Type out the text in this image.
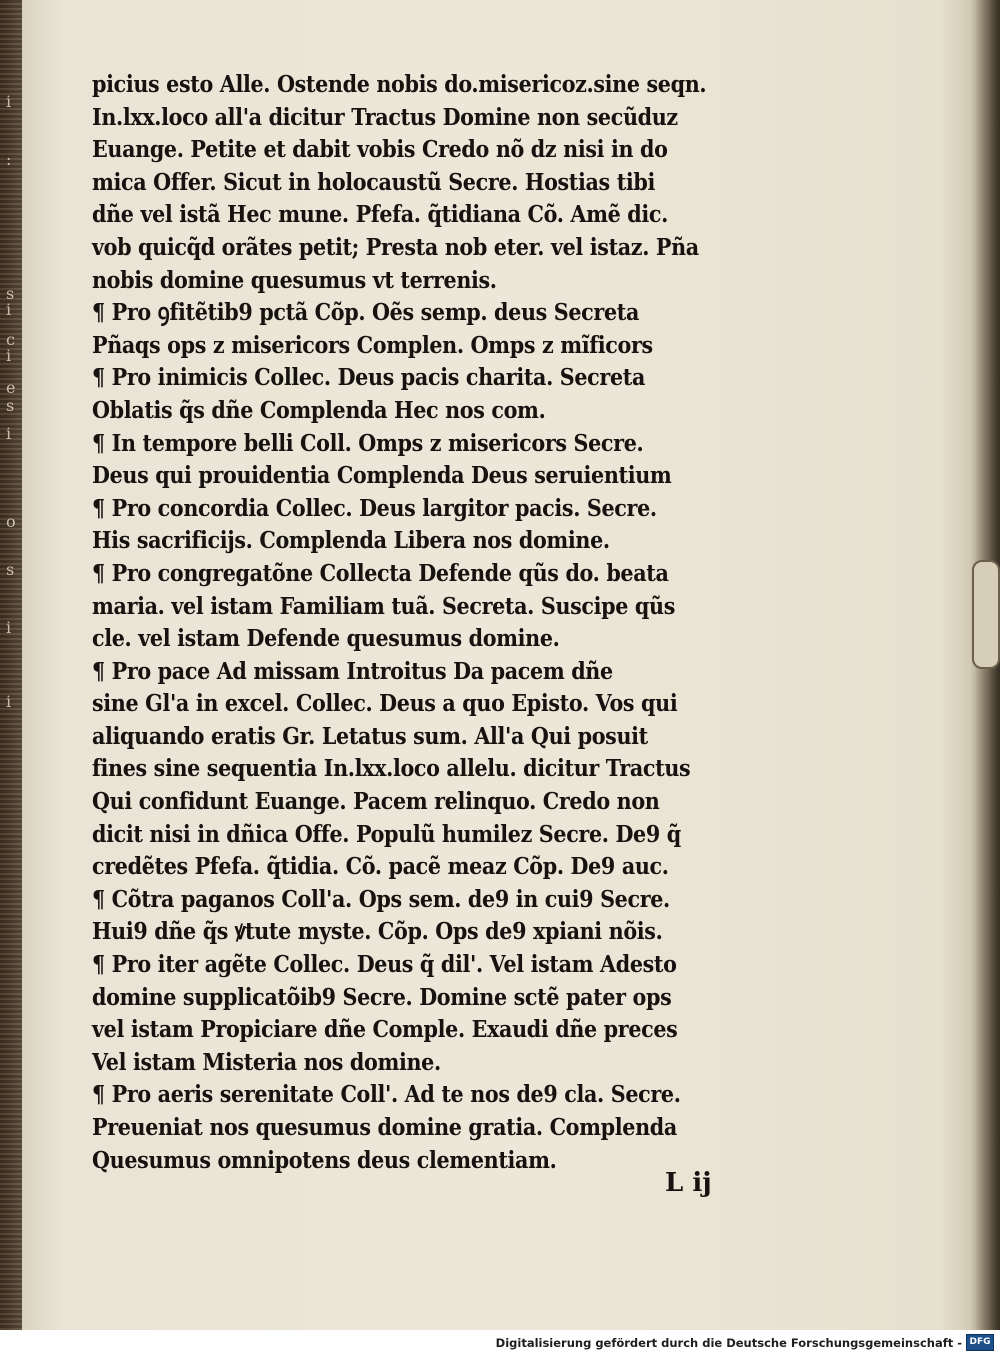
i
:
s
i
c
i
e
s
i
o
s
i
i
picius esto Alle. Ostende nobis do.misericoz.sine seqn.
In.lxx.loco all'a dicitur Tractus Domine non secũduz
Euange. Petite et dabit vobis Credo nõ dz nisi in do
mica Offer. Sicut in holocaustũ Secre. Hostias tibi
dñe vel istã Hec mune. Pfefa. q̃tidiana Cõ. Amẽ dic.
vob quicq̃d orãtes petit; Presta nob eter. vel istaz. Pña
nobis domine quesumus vt terrenis.
¶ Pro ꝯfitẽtib9 pctã Cõp. Oẽs semp. deus Secreta
Pñaqs ops z misericors Complen. Omps z mĩficors
¶ Pro inimicis Collec. Deus pacis charita. Secreta
Oblatis q̃s dñe Complenda Hec nos com.
¶ In tempore belli Coll. Omps z misericors Secre.
Deus qui prouidentia Complenda Deus seruientium
¶ Pro concordia Collec. Deus largitor pacis. Secre.
His sacrificijs. Complenda Libera nos domine.
¶ Pro congregatõne Collecta Defende qũs do. beata
maria. vel istam Familiam tuã. Secreta. Suscipe qũs
cle. vel istam Defende quesumus domine.
¶ Pro pace Ad missam Introitus Da pacem dñe
sine Gl'a in excel. Collec. Deus a quo Episto. Vos qui
aliquando eratis Gr. Letatus sum. All'a Qui posuit
fines sine sequentia In.lxx.loco allelu. dicitur Tractus
Qui confidunt Euange. Pacem relinquo. Credo non
dicit nisi in dñica Offe. Populũ humilez Secre. De9 q̃
credẽtes Pfefa. q̃tidia. Cõ. pacẽ meaz Cõp. De9 auc.
¶ Cõtra paganos Coll'a. Ops sem. de9 in cui9 Secre.
Hui9 dñe q̃s ꝟtute myste. Cõp. Ops de9 xpiani nõis.
¶ Pro iter agẽte Collec. Deus q̃ dil'. Vel istam Adesto
domine supplicatõib9 Secre. Domine sctẽ pater ops
vel istam Propiciare dñe Comple. Exaudi dñe preces
Vel istam Misteria nos domine.
¶ Pro aeris serenitate Coll'. Ad te nos de9 cla. Secre.
Preueniat nos quesumus domine gratia. Complenda
Quesumus omnipotens deus clementiam.
L ij
Digitalisierung gefördert durch die Deutsche Forschungsgemeinschaft - DFG
